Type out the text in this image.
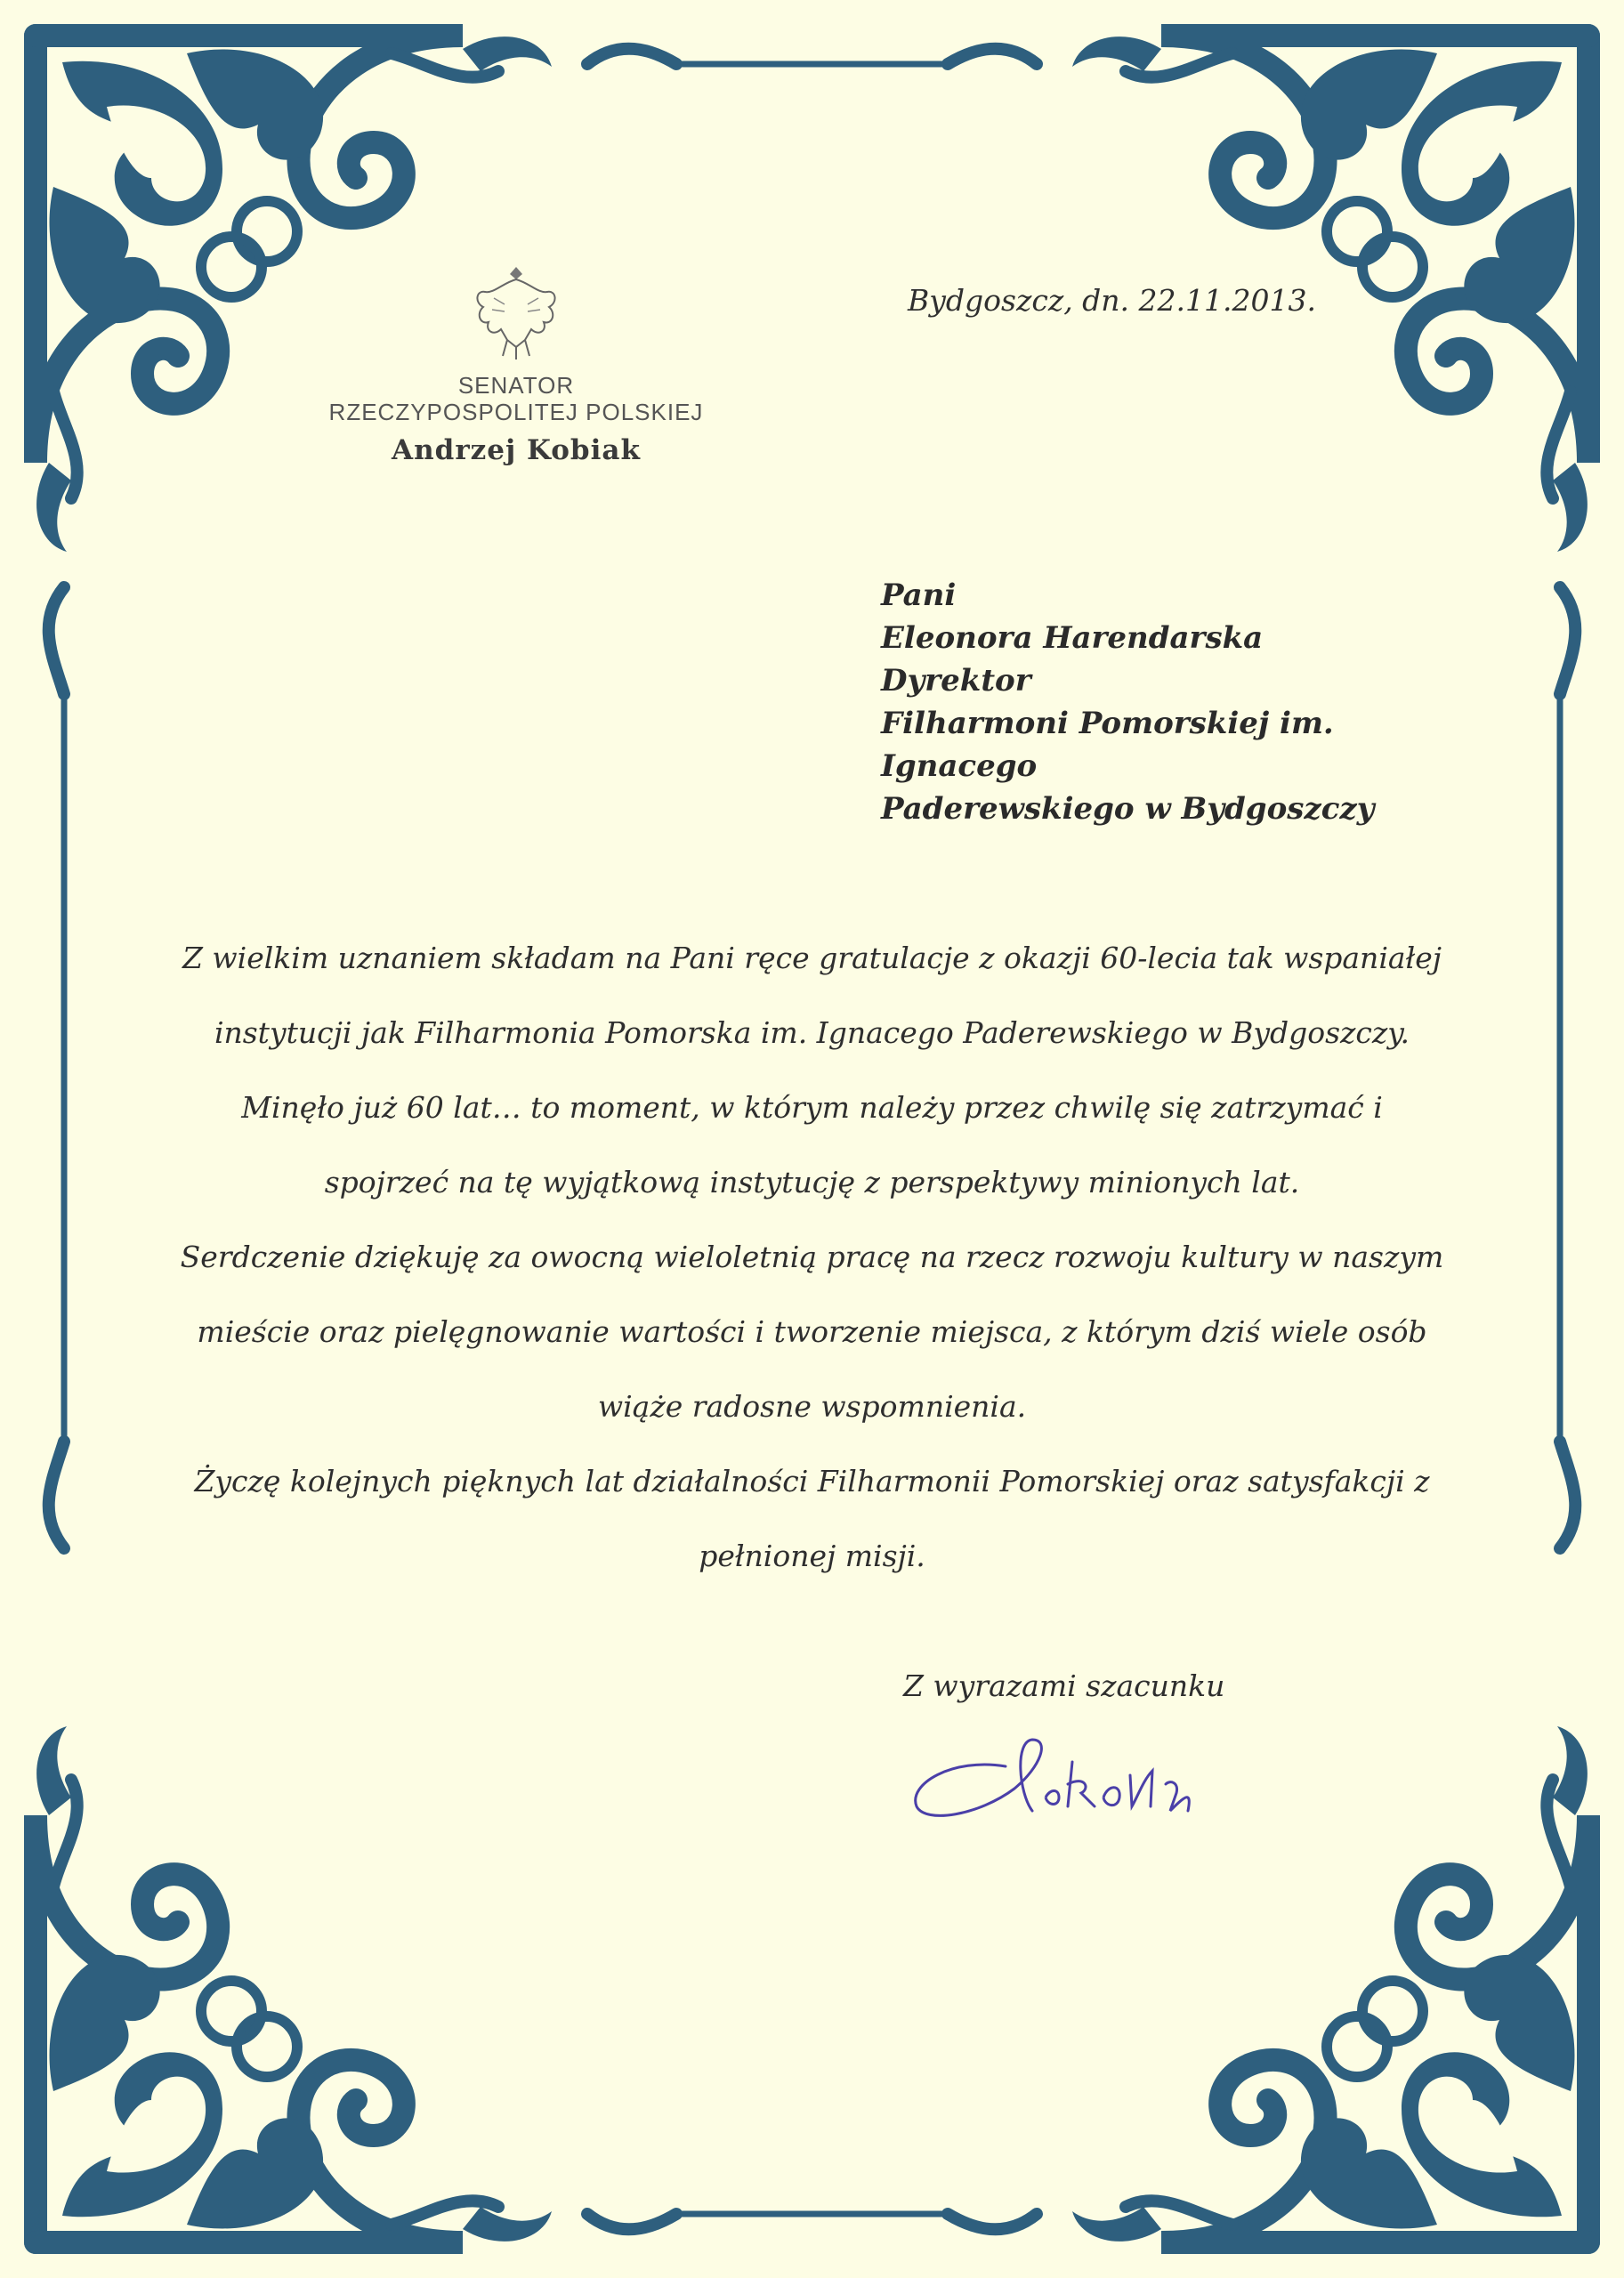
SENATOR
RZECZYPOSPOLITEJ POLSKIEJ
Andrzej Kobiak
Bydgoszcz, dn. 22.11.2013.
Pani
Eleonora Harendarska
Dyrektor
Filharmoni Pomorskiej im. Ignacego
Paderewskiego w Bydgoszczy

Z wielkim uznaniem składam na Pani ręce gratulacje z okazji 60-lecia tak wspaniałej

instytucji jak Filharmonia Pomorska im. Ignacego Paderewskiego w Bydgoszczy.

Minęło już 60 lat… to moment, w którym należy przez chwilę się zatrzymać i

spojrzeć na tę wyjątkową instytucję z perspektywy minionych lat.

Serdczenie dziękuję za owocną wieloletnią pracę na rzecz rozwoju kultury w naszym

mieście oraz pielęgnowanie wartości i tworzenie miejsca, z którym dziś wiele osób

wiąże radosne wspomnienia.

Życzę kolejnych pięknych lat działalności Filharmonii Pomorskiej oraz satysfakcji z

pełnionej misji.

Z wyrazami szacunku
